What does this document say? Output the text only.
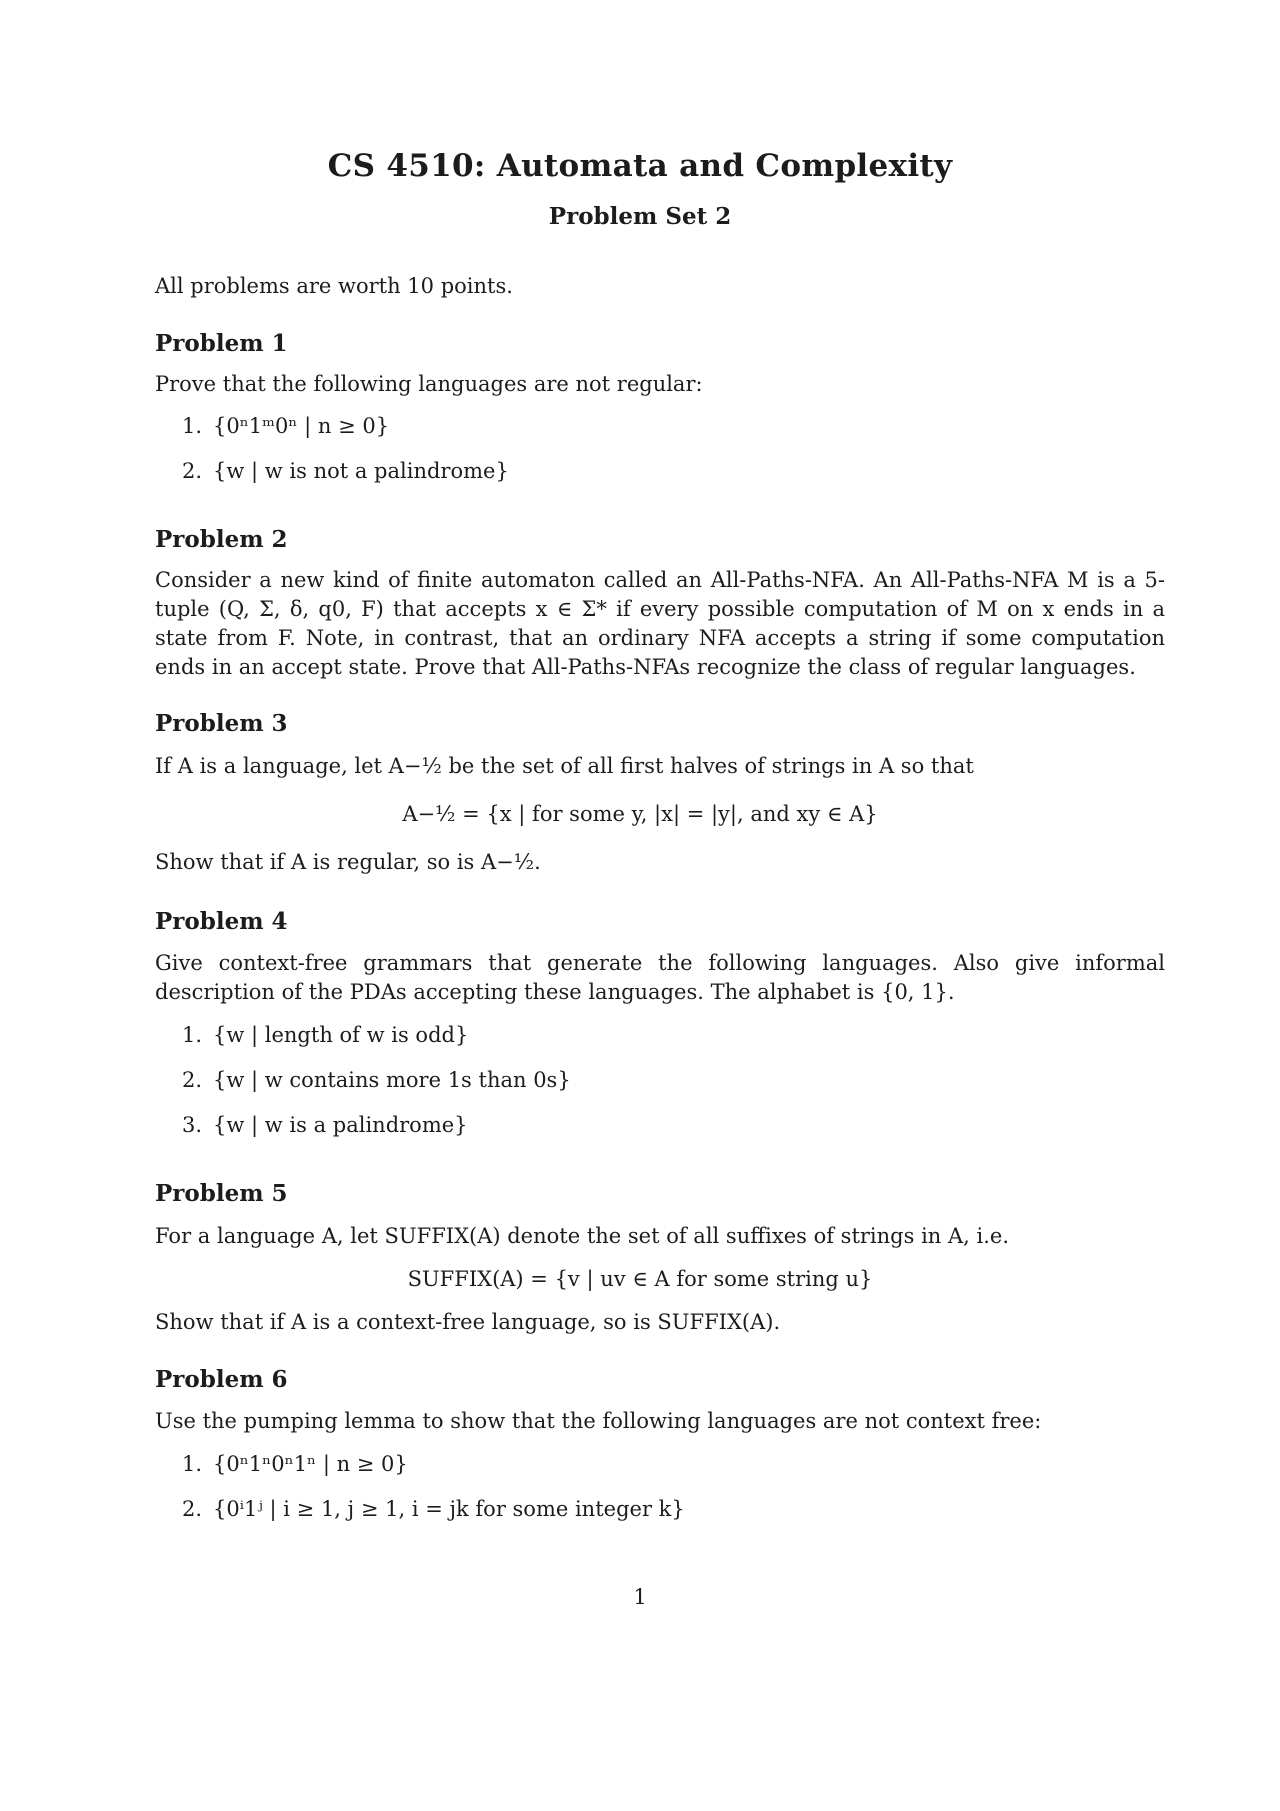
CS 4510: Automata and Complexity
Problem Set 2
All problems are worth 10 points.
Problem 1
Prove that the following languages are not regular:
1. {0ⁿ1ᵐ0ⁿ | n ≥ 0}
2. {w | w is not a palindrome}
Problem 2
Consider a new kind of finite automaton called an All-Paths-NFA. An All-Paths-NFA M is a 5-tuple (Q, Σ, δ, q0, F) that accepts x ∈ Σ* if every possible computation of M on x ends in a state from F. Note, in contrast, that an ordinary NFA accepts a string if some computation ends in an accept state. Prove that All-Paths-NFAs recognize the class of regular languages.
Problem 3
If A is a language, let A−½ be the set of all first halves of strings in A so that
A−½ = {x | for some y, |x| = |y|, and xy ∈ A}
Show that if A is regular, so is A−½.
Problem 4
Give context-free grammars that generate the following languages. Also give informal description of the PDAs accepting these languages. The alphabet is {0, 1}.
1. {w | length of w is odd}
2. {w | w contains more 1s than 0s}
3. {w | w is a palindrome}
Problem 5
For a language A, let SUFFIX(A) denote the set of all suffixes of strings in A, i.e.
SUFFIX(A) = {v | uv ∈ A for some string u}
Show that if A is a context-free language, so is SUFFIX(A).
Problem 6
Use the pumping lemma to show that the following languages are not context free:
1. {0ⁿ1ⁿ0ⁿ1ⁿ | n ≥ 0}
2. {0ⁱ1ʲ | i ≥ 1, j ≥ 1, i = jk for some integer k}
1
